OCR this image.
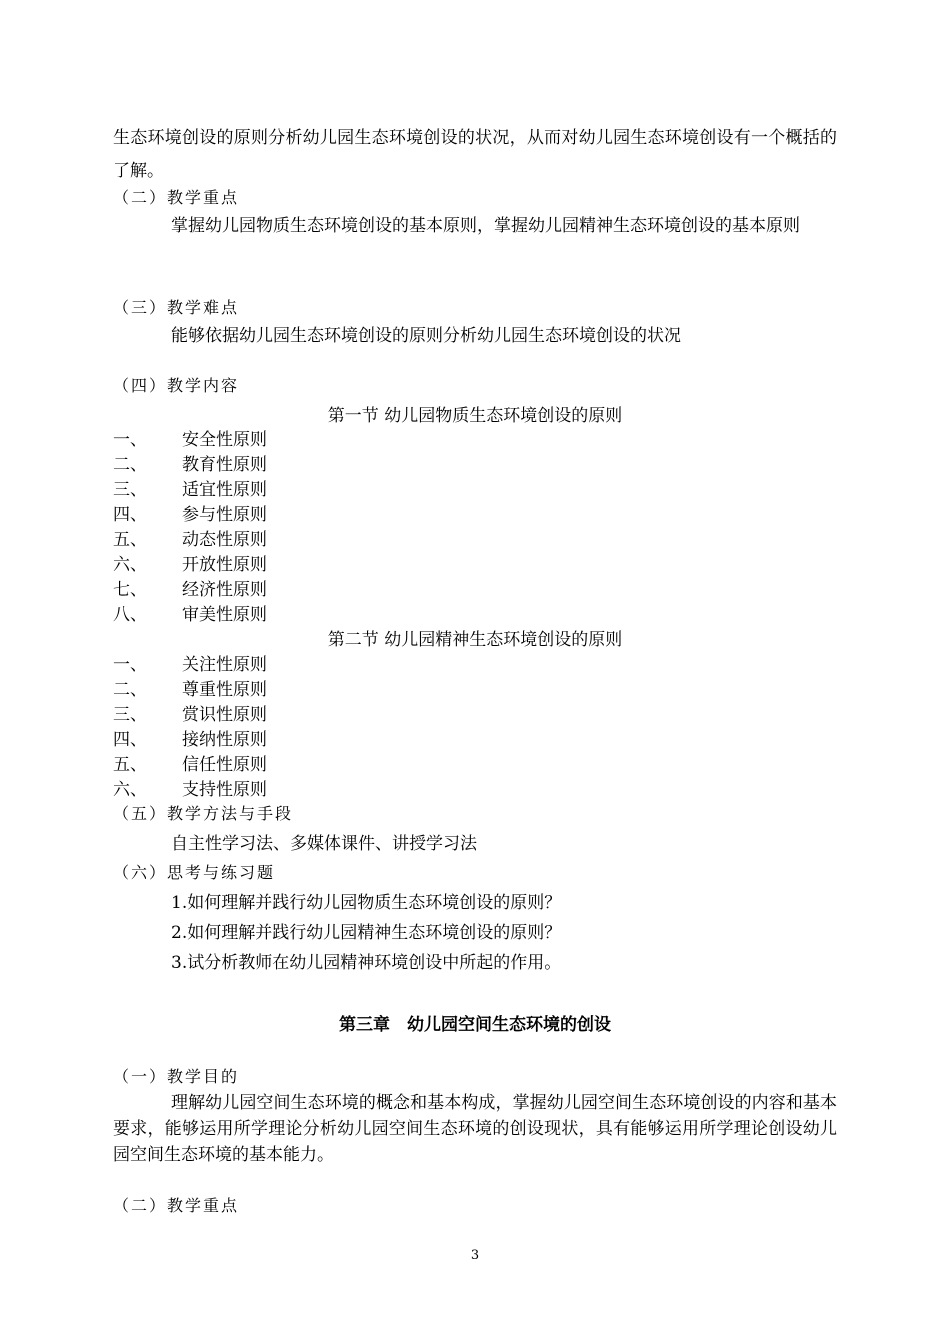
生态环境创设的原则分析幼儿园生态环境创设的状况，从而对幼儿园生态环境创设有一个概括的了解。
（二）教学重点
掌握幼儿园物质生态环境创设的基本原则，掌握幼儿园精神生态环境创设的基本原则
（三）教学难点
能够依据幼儿园生态环境创设的原则分析幼儿园生态环境创设的状况
（四）教学内容
第一节 幼儿园物质生态环境创设的原则
一、 安全性原则
二、 教育性原则
三、 适宜性原则
四、 参与性原则
五、 动态性原则
六、 开放性原则
七、 经济性原则
八、 审美性原则
第二节 幼儿园精神生态环境创设的原则
一、 关注性原则
二、 尊重性原则
三、 赏识性原则
四、 接纳性原则
五、 信任性原则
六、 支持性原则
（五）教学方法与手段
自主性学习法、多媒体课件、讲授学习法
（六）思考与练习题
1.如何理解并践行幼儿园物质生态环境创设的原则？
2.如何理解并践行幼儿园精神生态环境创设的原则？
3.试分析教师在幼儿园精神环境创设中所起的作用。
第三章　幼儿园空间生态环境的创设
（一）教学目的
理解幼儿园空间生态环境的概念和基本构成，掌握幼儿园空间生态环境创设的内容和基本要求，能够运用所学理论分析幼儿园空间生态环境的创设现状，具有能够运用所学理论创设幼儿园空间生态环境的基本能力。
（二）教学重点
3
